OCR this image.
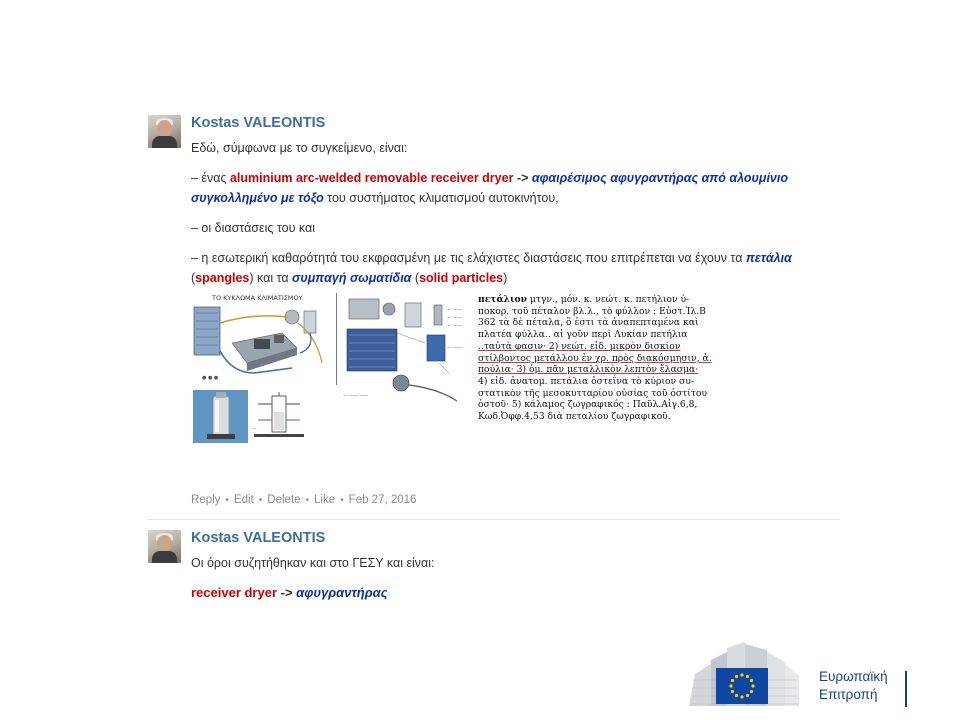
Kostas VALEONTIS

Εδώ, σύμφωνα με το συγκείμενο, είναι:

– ένας aluminium arc-welded removable receiver dryer -> αφαιρέσιμος αφυγραντήρας από αλουμίνιο συγκολλημένο με τόξο του συστήματος κλιματισμού αυτοκινήτου,

– οι διαστάσεις του και

– η εσωτερική καθαρότητά του εκφρασμένη με τις ελάχιστες διαστάσεις που επιτρέπεται να έχουν τα πετάλια (spangles) και τα συμπαγή σωματίδια (solid particles)

ΤΟ ΚΥΚΛΩΜΑ ΚΛΙΜΑΤΙΣΜΟΥ
● ● ●
— ——
— ——
— ——
— ——
— —— ——
—
πετάλιον μτγν., μόν. κ. νεώτ. κ. πετήλιον ὑ-
ποκορ. τοῦ πέταλον βλ.λ., τὸ φύλλον : Εὐστ.Ἰλ.Β
362 τὰ δὲ πέταλα, ὅ ἐστι τὰ ἀναπεπταμένα καὶ
πλατέα φύλλα.. αἱ γοῦν περὶ Λυκίαν πετήλια
..ταὐτὰ φασιν· 2) νεώτ. εἰδ. μικρὸν δισκίον
στίλβοντος μετάλλου ἐν χρ. πρὸς διακόσμησιν, ἀ.
πούλια· 3) ὁμ. πᾶν μεταλλικὸν λεπτὸν ἔλασμα·
4) εἰδ. ἀνατομ. πετάλια ὀστεΐνα τὸ κύριον συ-
στατικὸν τῆς μεσοκυτταρίου οὐσίας τοῦ ὀστίτου
ὀστοῦ· 5) κάλαμος ζωγραφικός : Παῦλ.Αἰγ.6,8,
Κωδ.Ὀφφ.4,53 διὰ πεταλίου ζωγραφικοῦ.
Reply • Edit • Delete • Like • Feb 27, 2016

Kostas VALEONTIS

Οι όροι συζητήθηκαν και στο ΓΕΣΥ και είναι:

receiver dryer -> αφυγραντήρας

Ευρωπαϊκή
Επιτροπή
